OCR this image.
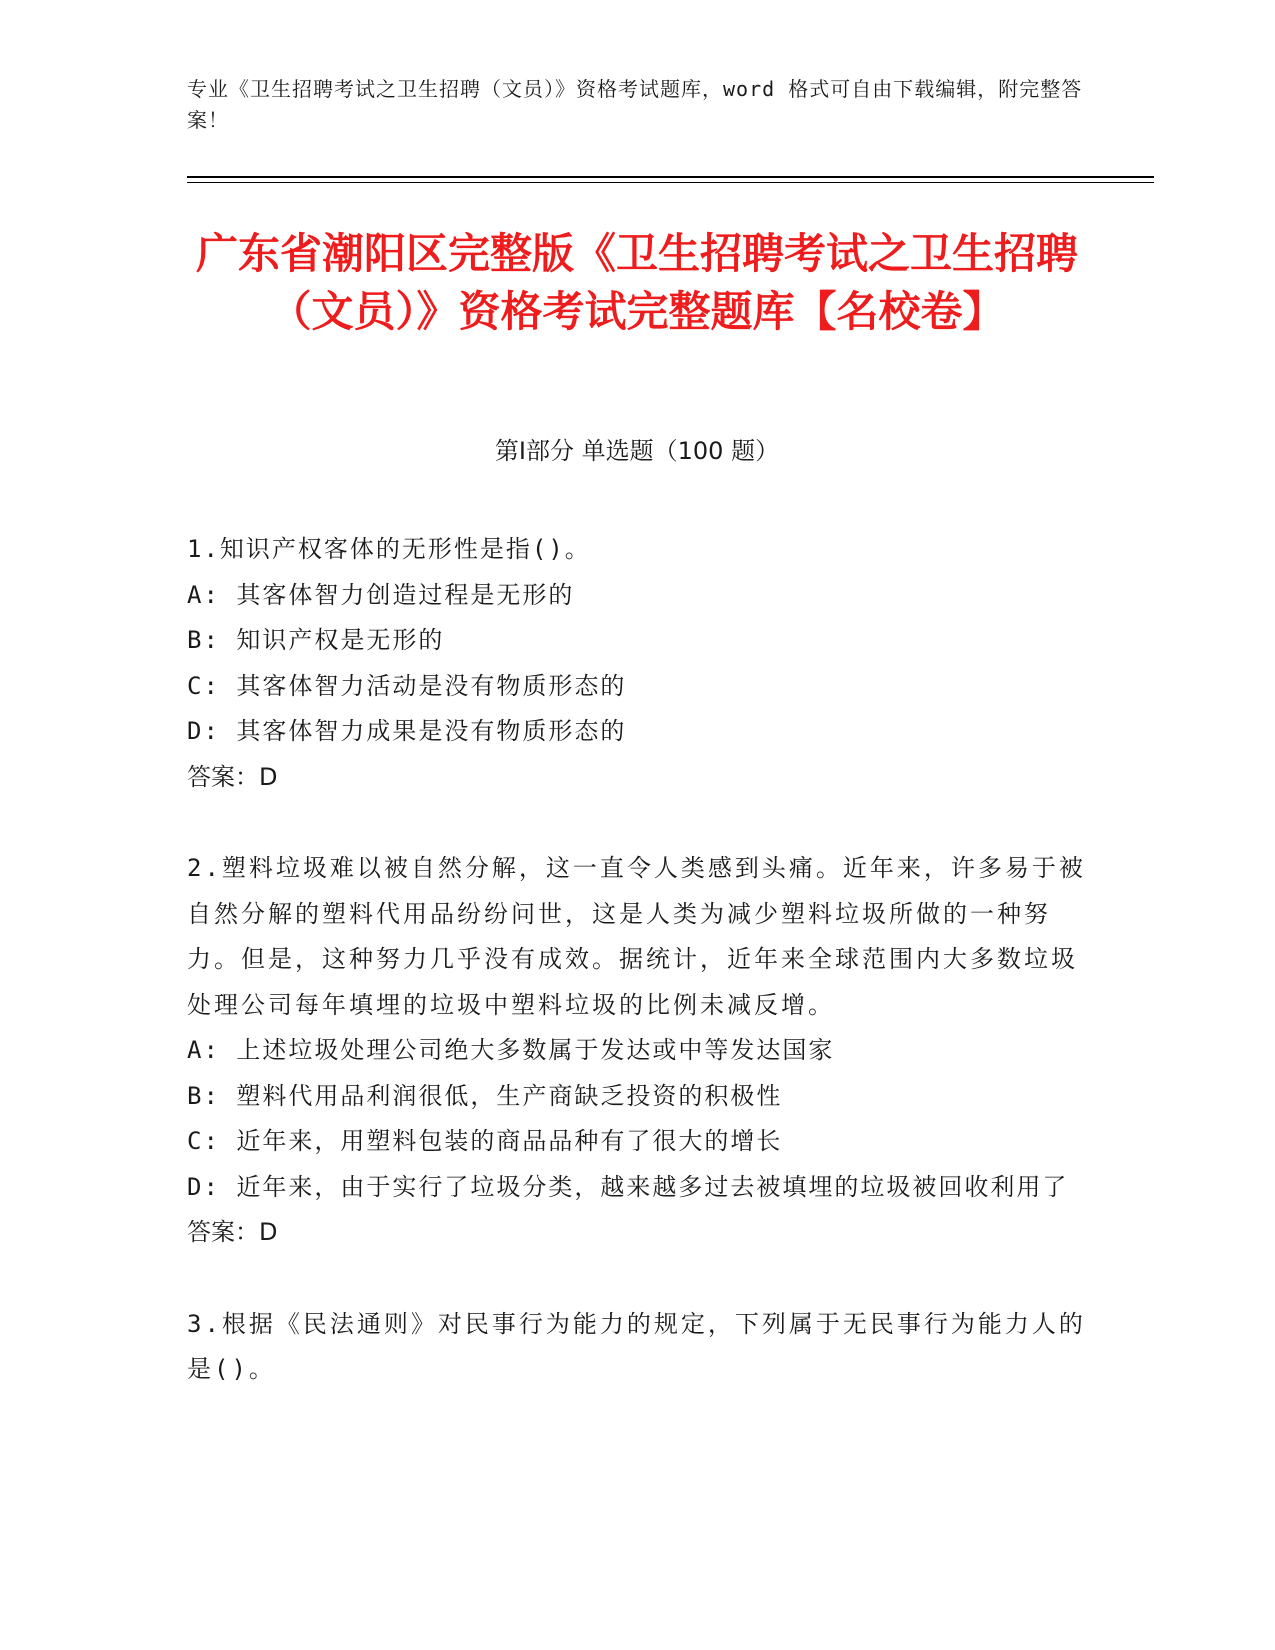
专业《卫生招聘考试之卫生招聘（文员）》资格考试题库，word 格式可自由下载编辑，附完整答案！
广东省潮阳区完整版《卫生招聘考试之卫生招聘（文员）》资格考试完整题库【名校卷】
第Ⅰ部分 单选题（100 题）
1.知识产权客体的无形性是指()。
A: 其客体智力创造过程是无形的
B: 知识产权是无形的
C: 其客体智力活动是没有物质形态的
D: 其客体智力成果是没有物质形态的
答案：D
2.塑料垃圾难以被自然分解，这一直令人类感到头痛。近年来，许多易于被自然分解的塑料代用品纷纷问世，这是人类为减少塑料垃圾所做的一种努力。但是，这种努力几乎没有成效。据统计，近年来全球范围内大多数垃圾处理公司每年填埋的垃圾中塑料垃圾的比例未减反增。
A: 上述垃圾处理公司绝大多数属于发达或中等发达国家
B: 塑料代用品利润很低，生产商缺乏投资的积极性
C: 近年来，用塑料包装的商品品种有了很大的增长
D: 近年来，由于实行了垃圾分类，越来越多过去被填埋的垃圾被回收利用了
答案：D
3.根据《民法通则》对民事行为能力的规定，下列属于无民事行为能力人的是()。
